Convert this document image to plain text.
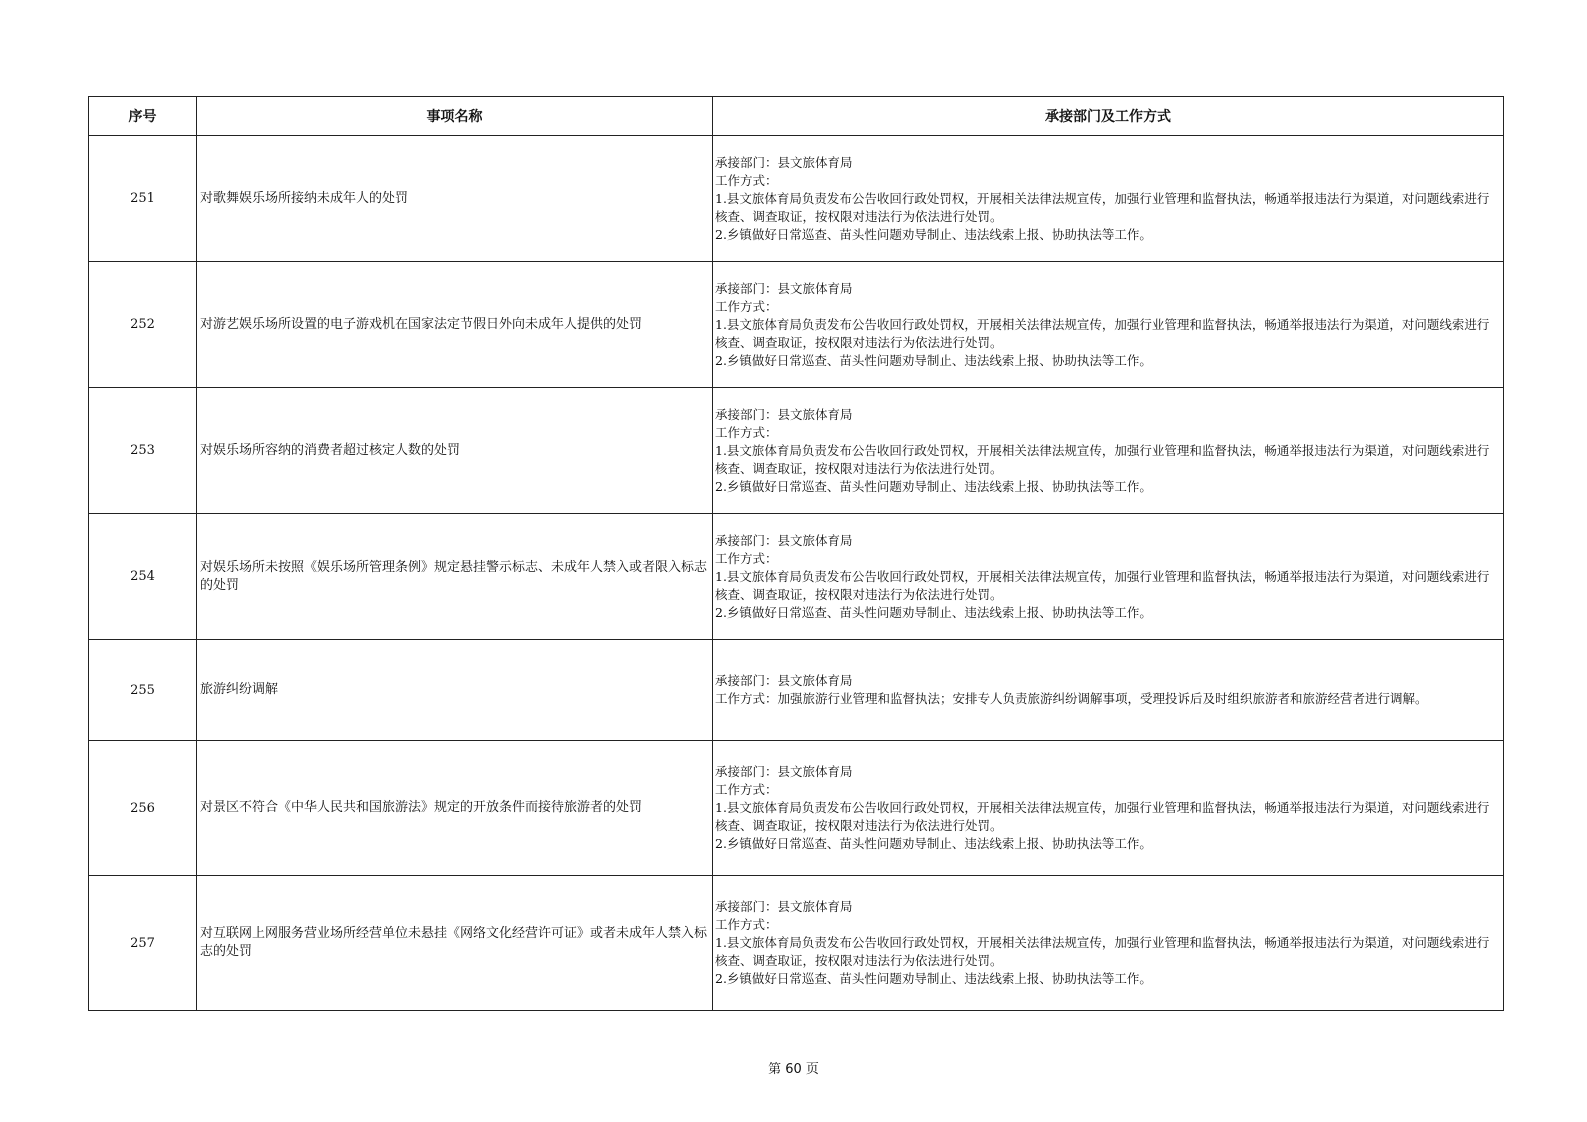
序号	事项名称	承接部门及工作方式
251	对歌舞娱乐场所接纳未成年人的处罚	承接部门：县文旅体育局
工作方式：
1.县文旅体育局负责发布公告收回行政处罚权，开展相关法律法规宣传，加强行业管理和监督执法，畅通举报违法行为渠道，对问题线索进行核查、调查取证，按权限对违法行为依法进行处罚。
2.乡镇做好日常巡查、苗头性问题劝导制止、违法线索上报、协助执法等工作。

252	对游艺娱乐场所设置的电子游戏机在国家法定节假日外向未成年人提供的处罚	承接部门：县文旅体育局
工作方式：
1.县文旅体育局负责发布公告收回行政处罚权，开展相关法律法规宣传，加强行业管理和监督执法，畅通举报违法行为渠道，对问题线索进行核查、调查取证，按权限对违法行为依法进行处罚。
2.乡镇做好日常巡查、苗头性问题劝导制止、违法线索上报、协助执法等工作。

253	对娱乐场所容纳的消费者超过核定人数的处罚	承接部门：县文旅体育局
工作方式：
1.县文旅体育局负责发布公告收回行政处罚权，开展相关法律法规宣传，加强行业管理和监督执法，畅通举报违法行为渠道，对问题线索进行核查、调查取证，按权限对违法行为依法进行处罚。
2.乡镇做好日常巡查、苗头性问题劝导制止、违法线索上报、协助执法等工作。

254	对娱乐场所未按照《娱乐场所管理条例》规定悬挂警示标志、未成年人禁入或者限入标志的处罚	承接部门：县文旅体育局
工作方式：
1.县文旅体育局负责发布公告收回行政处罚权，开展相关法律法规宣传，加强行业管理和监督执法，畅通举报违法行为渠道，对问题线索进行核查、调查取证，按权限对违法行为依法进行处罚。
2.乡镇做好日常巡查、苗头性问题劝导制止、违法线索上报、协助执法等工作。

255	旅游纠纷调解	承接部门：县文旅体育局
工作方式：加强旅游行业管理和监督执法；安排专人负责旅游纠纷调解事项，受理投诉后及时组织旅游者和旅游经营者进行调解。

256	对景区不符合《中华人民共和国旅游法》规定的开放条件而接待旅游者的处罚	承接部门：县文旅体育局
工作方式：
1.县文旅体育局负责发布公告收回行政处罚权，开展相关法律法规宣传，加强行业管理和监督执法，畅通举报违法行为渠道，对问题线索进行核查、调查取证，按权限对违法行为依法进行处罚。
2.乡镇做好日常巡查、苗头性问题劝导制止、违法线索上报、协助执法等工作。

257	对互联网上网服务营业场所经营单位未悬挂《网络文化经营许可证》或者未成年人禁入标志的处罚	承接部门：县文旅体育局
工作方式：
1.县文旅体育局负责发布公告收回行政处罚权，开展相关法律法规宣传，加强行业管理和监督执法，畅通举报违法行为渠道，对问题线索进行核查、调查取证，按权限对违法行为依法进行处罚。
2.乡镇做好日常巡查、苗头性问题劝导制止、违法线索上报、协助执法等工作。
第 60 页
